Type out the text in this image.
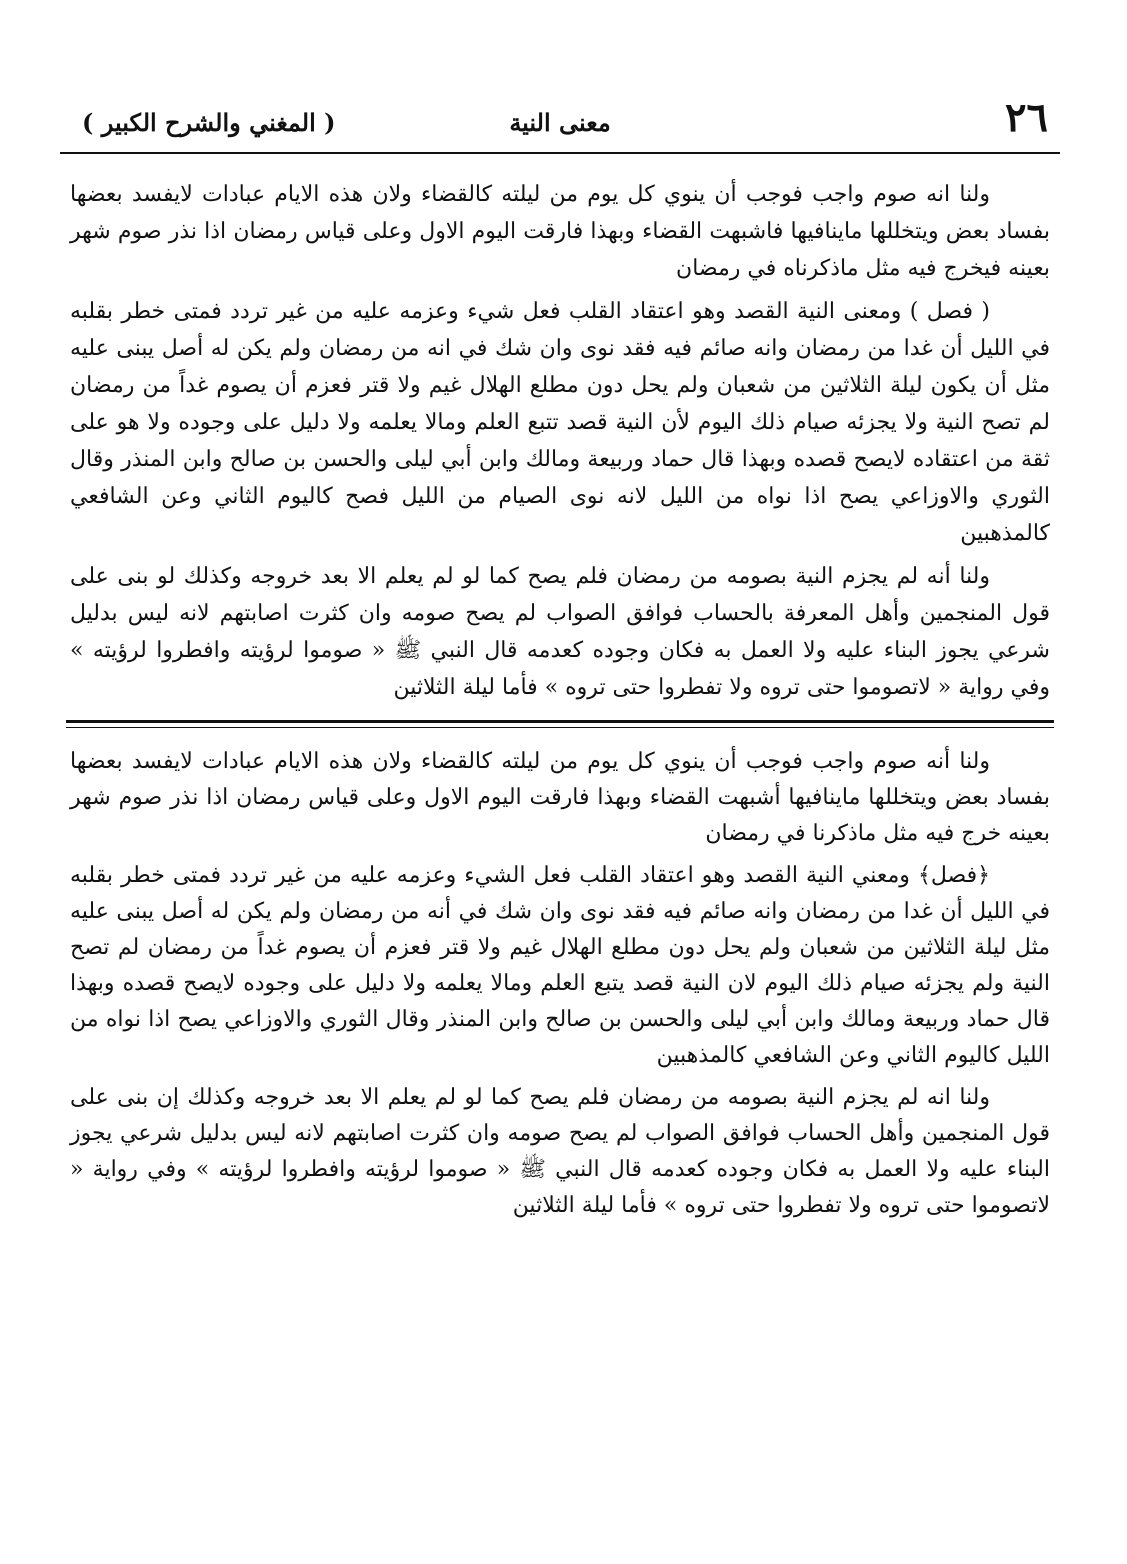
٢٦
معنى النية
( المغني والشرح الكبير )

ولنا انه صوم واجب فوجب أن ينوي كل يوم من ليلته كالقضاء ولان هذه الايام عبادات لايفسد بعضها بفساد بعض ويتخللها ماينافيها فاشبهت القضاء وبهذا فارقت اليوم الاول وعلى قياس رمضان اذا نذر صوم شهر بعينه فيخرج فيه مثل ماذكرناه في رمضان

( فصل ) ومعنى النية القصد وهو اعتقاد القلب فعل شيء وعزمه عليه من غير تردد فمتى خطر بقلبه في الليل أن غدا من رمضان وانه صائم فيه فقد نوى وان شك في انه من رمضان ولم يكن له أصل يبنى عليه مثل أن يكون ليلة الثلاثين من شعبان ولم يحل دون مطلع الهلال غيم ولا قتر فعزم أن يصوم غداً من رمضان لم تصح النية ولا يجزئه صيام ذلك اليوم لأن النية قصد تتبع العلم ومالا يعلمه ولا دليل على وجوده ولا هو على ثقة من اعتقاده لايصح قصده وبهذا قال حماد وربيعة ومالك وابن أبي ليلى والحسن بن صالح وابن المنذر وقال الثوري والاوزاعي يصح اذا نواه من الليل لانه نوى الصيام من الليل فصح كاليوم الثاني وعن الشافعي كالمذهبين

ولنا أنه لم يجزم النية بصومه من رمضان فلم يصح كما لو لم يعلم الا بعد خروجه وكذلك لو بنى على قول المنجمين وأهل المعرفة بالحساب فوافق الصواب لم يصح صومه وان كثرت اصابتهم لانه ليس بدليل شرعي يجوز البناء عليه ولا العمل به فكان وجوده كعدمه قال النبي ﷺ « صوموا لرؤيته وافطروا لرؤيته » وفي رواية « لاتصوموا حتى تروه ولا تفطروا حتى تروه » فأما ليلة الثلاثين

ولنا أنه صوم واجب فوجب أن ينوي كل يوم من ليلته كالقضاء ولان هذه الايام عبادات لايفسد بعضها بفساد بعض ويتخللها ماينافيها أشبهت القضاء وبهذا فارقت اليوم الاول وعلى قياس رمضان اذا نذر صوم شهر بعينه خرج فيه مثل ماذكرنا في رمضان

﴿فصل﴾ ومعني النية القصد وهو اعتقاد القلب فعل الشيء وعزمه عليه من غير تردد فمتى خطر بقلبه في الليل أن غدا من رمضان وانه صائم فيه فقد نوى وان شك في أنه من رمضان ولم يكن له أصل يبنى عليه مثل ليلة الثلاثين من شعبان ولم يحل دون مطلع الهلال غيم ولا قتر فعزم أن يصوم غداً من رمضان لم تصح النية ولم يجزئه صيام ذلك اليوم لان النية قصد يتبع العلم ومالا يعلمه ولا دليل على وجوده لايصح قصده وبهذا قال حماد وربيعة ومالك وابن أبي ليلى والحسن بن صالح وابن المنذر وقال الثوري والاوزاعي يصح اذا نواه من الليل كاليوم الثاني وعن الشافعي كالمذهبين

ولنا انه لم يجزم النية بصومه من رمضان فلم يصح كما لو لم يعلم الا بعد خروجه وكذلك إن بنى على قول المنجمين وأهل الحساب فوافق الصواب لم يصح صومه وان كثرت اصابتهم لانه ليس بدليل شرعي يجوز البناء عليه ولا العمل به فكان وجوده كعدمه قال النبي ﷺ « صوموا لرؤيته وافطروا لرؤيته » وفي رواية « لاتصوموا حتى تروه ولا تفطروا حتى تروه » فأما ليلة الثلاثين
